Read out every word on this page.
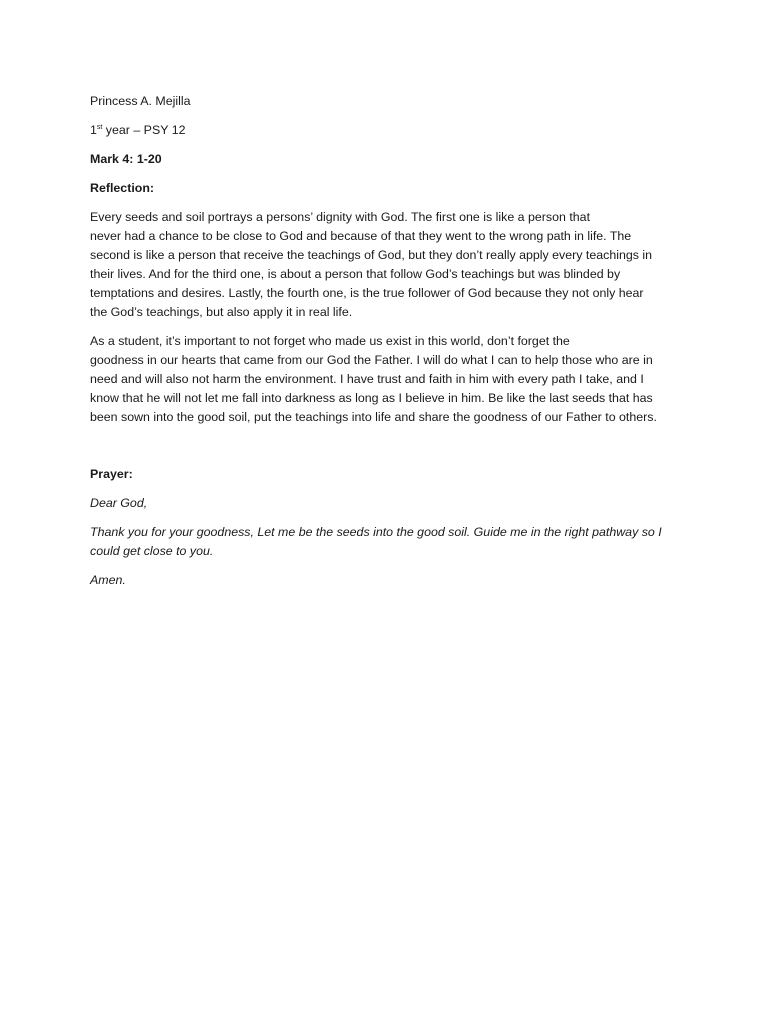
Princess A. Mejilla

1st year – PSY 12

Mark 4: 1-20

Reflection:

Every seeds and soil portrays a persons’ dignity with God. The first one is like a person that
never had a chance to be close to God and because of that they went to the wrong path in life. The
second is like a person that receive the teachings of God, but they don’t really apply every teachings in
their lives. And for the third one, is about a person that follow God’s teachings but was blinded by
temptations and desires. Lastly, the fourth one, is the true follower of God because they not only hear
the God’s teachings, but also apply it in real life.
As a student, it’s important to not forget who made us exist in this world, don’t forget the
goodness in our hearts that came from our God the Father. I will do what I can to help those who are in
need and will also not harm the environment. I have trust and faith in him with every path I take, and I
know that he will not let me fall into darkness as long as I believe in him. Be like the last seeds that has
been sown into the good soil, put the teachings into life and share the goodness of our Father to others.

Prayer:

Dear God,

Thank you for your goodness, Let me be the seeds into the good soil. Guide me in the right pathway so I
could get close to you.

Amen.
